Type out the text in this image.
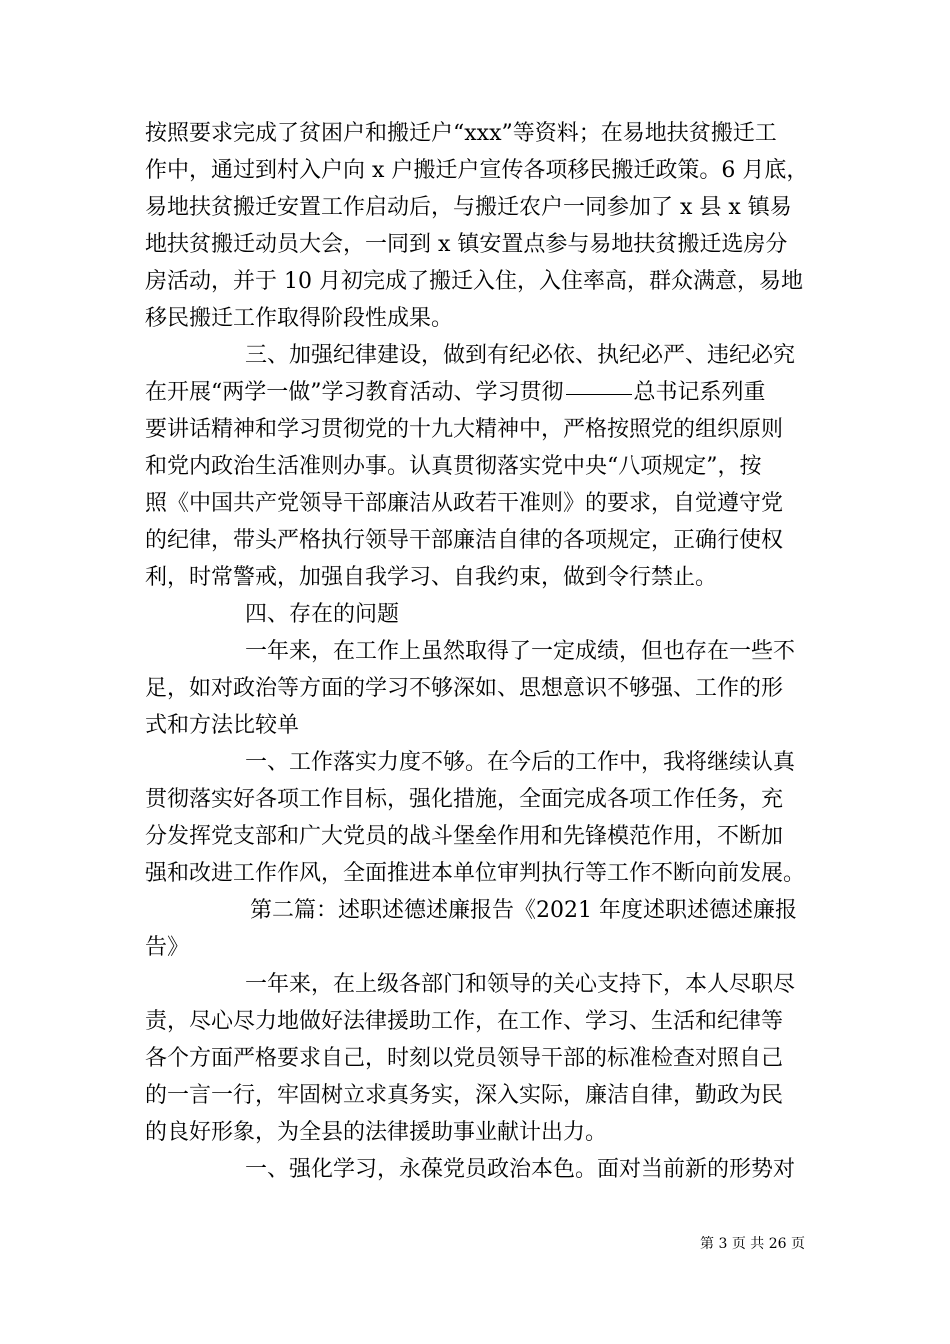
按照要求完成了贫困户和搬迁户“xxx”等资料；在易地扶贫搬迁工
作中，通过到村入户向 x 户搬迁户宣传各项移民搬迁政策。6 月底，
易地扶贫搬迁安置工作启动后，与搬迁农户一同参加了 x 县 x 镇易
地扶贫搬迁动员大会，一同到 x 镇安置点参与易地扶贫搬迁选房分
房活动，并于 10 月初完成了搬迁入住，入住率高，群众满意，易地
移民搬迁工作取得阶段性成果。
三、加强纪律建设，做到有纪必依、执纪必严、违纪必究
在开展“两学一做”学习教育活动、学习贯彻	总书记系列重
要讲话精神和学习贯彻党的十九大精神中，严格按照党的组织原则
和党内政治生活准则办事。认真贯彻落实党中央“八项规定”，按
照《中国共产党领导干部廉洁从政若干准则》的要求，自觉遵守党
的纪律，带头严格执行领导干部廉洁自律的各项规定，正确行使权
利，时常警戒，加强自我学习、自我约束，做到令行禁止。
四、存在的问题
一年来，在工作上虽然取得了一定成绩，但也存在一些不
足，如对政治等方面的学习不够深如、思想意识不够强、工作的形
式和方法比较单
一、工作落实力度不够。在今后的工作中，我将继续认真
贯彻落实好各项工作目标，强化措施，全面完成各项工作任务，充
分发挥党支部和广大党员的战斗堡垒作用和先锋模范作用，不断加
强和改进工作作风，全面推进本单位审判执行等工作不断向前发展。
第二篇：述职述德述廉报告《2021 年度述职述德述廉报
告》
一年来，在上级各部门和领导的关心支持下，本人尽职尽
责，尽心尽力地做好法律援助工作，在工作、学习、生活和纪律等
各个方面严格要求自己，时刻以党员领导干部的标准检查对照自己
的一言一行，牢固树立求真务实，深入实际，廉洁自律，勤政为民
的良好形象，为全县的法律援助事业献计出力。
一、强化学习，永葆党员政治本色。面对当前新的形势对
第 3 页 共 26 页
